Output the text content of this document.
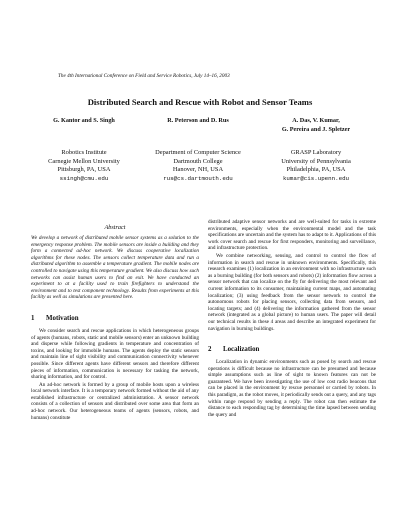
The 4th International Conference on Field and Service Robotics, July 14–16, 2003
Distributed Search and Rescue with Robot and Sensor Teams
G. Kantor and S. Singh	R. Peterson and D. Rus	A. Das, V. Kumar,
G. Pereira and J. Spletzer
Robotics Institute
Carnegie Mellon University
Pittsburgh, PA, USA
ssingh@cmu.edu
Department of Computer Science
Dartmouth College
Hanover, NH, USA
rus@cs.dartmouth.edu
GRASP Laboratory
University of Pennsylvania
Philadelphia, PA, USA
kumar@cis.upenn.edu
Abstract

We develop a network of distributed mobile sensor systems as a solution to the emergency response problem. The mobile sensors are inside a building and they form a connected ad-hoc network. We discuss cooperative localization algorithms for these nodes. The sensors collect temperature data and run a distributed algorithm to assemble a temperature gradient. The mobile nodes are controlled to navigate using this temperature gradient. We also discuss how such networks can assist human users to find an exit. We have conducted an experiment to at a facility used to train firefighters to understand the environment and to test component technology. Results from experiments at this facility as well as simulations are presented here.

1 Motivation

We consider search and rescue applications in which heterogeneous groups of agents (humans, robots, static and mobile sensors) enter an unknown building and disperse while following gradients in temperature and concentration of toxins, and looking for immobile humans. The agents deploy the static sensors and maintain line of sight visibility and communication connectivity whenever possible. Since different agents have different sensors and therefore different pieces of information, communication is necessary for tasking the network, sharing information, and for control.

An ad-hoc network is formed by a group of mobile hosts upon a wireless local network interface. It is a temporary network formed without the aid of any established infrastructure or centralized administration. A sensor network consists of a collection of sensors and distributed over some area that form an ad-hoc network. Our heterogeneous teams of agents (sensors, robots, and humans) constitute

distributed adaptive sensor networks and are well-suited for tasks in extreme environments, especially when the environmental model and the task specifications are uncertain and the system has to adapt to it. Applications of this work cover search and rescue for first responders, monitoring and surveillance, and infrastructure protection.

We combine networking, sensing, and control to control the flow of information in search and rescue in unknown environments. Specifically, this research examines (1) localization in an environment with no infrastructure such as a burning building (for both sensors and robots) (2) information flow across a sensor network that can localize on the fly for delivering the most relevant and current information to its consumer, maintaining current maps, and automating localization; (3) using feedback from the sensor network to control the autonomous robots for placing sensors, collecting data from sensors, and locating targets; and (4) delivering the information gathered from the sensor network (integrated as a global picture) to human users. The paper will detail our technical results in these 4 areas and describe an integrated experiment for navigation in burning buildings.

2 Localization

Localization in dynamic environments such as posed by search and rescue operations is difficult because no infrastructure can be presumed and because simple assumptions such as line of sight to known features can not be guaranteed. We have been investigating the use of low cost radio beacons that can be placed in the environment by rescue personnel or carried by robots. In this paradigm, as the robot moves, it periodically sends out a query, and any tags within range respond by sending a reply. The robot can then estimate the distance to each responding tag by determining the time lapsed between sending the query and
